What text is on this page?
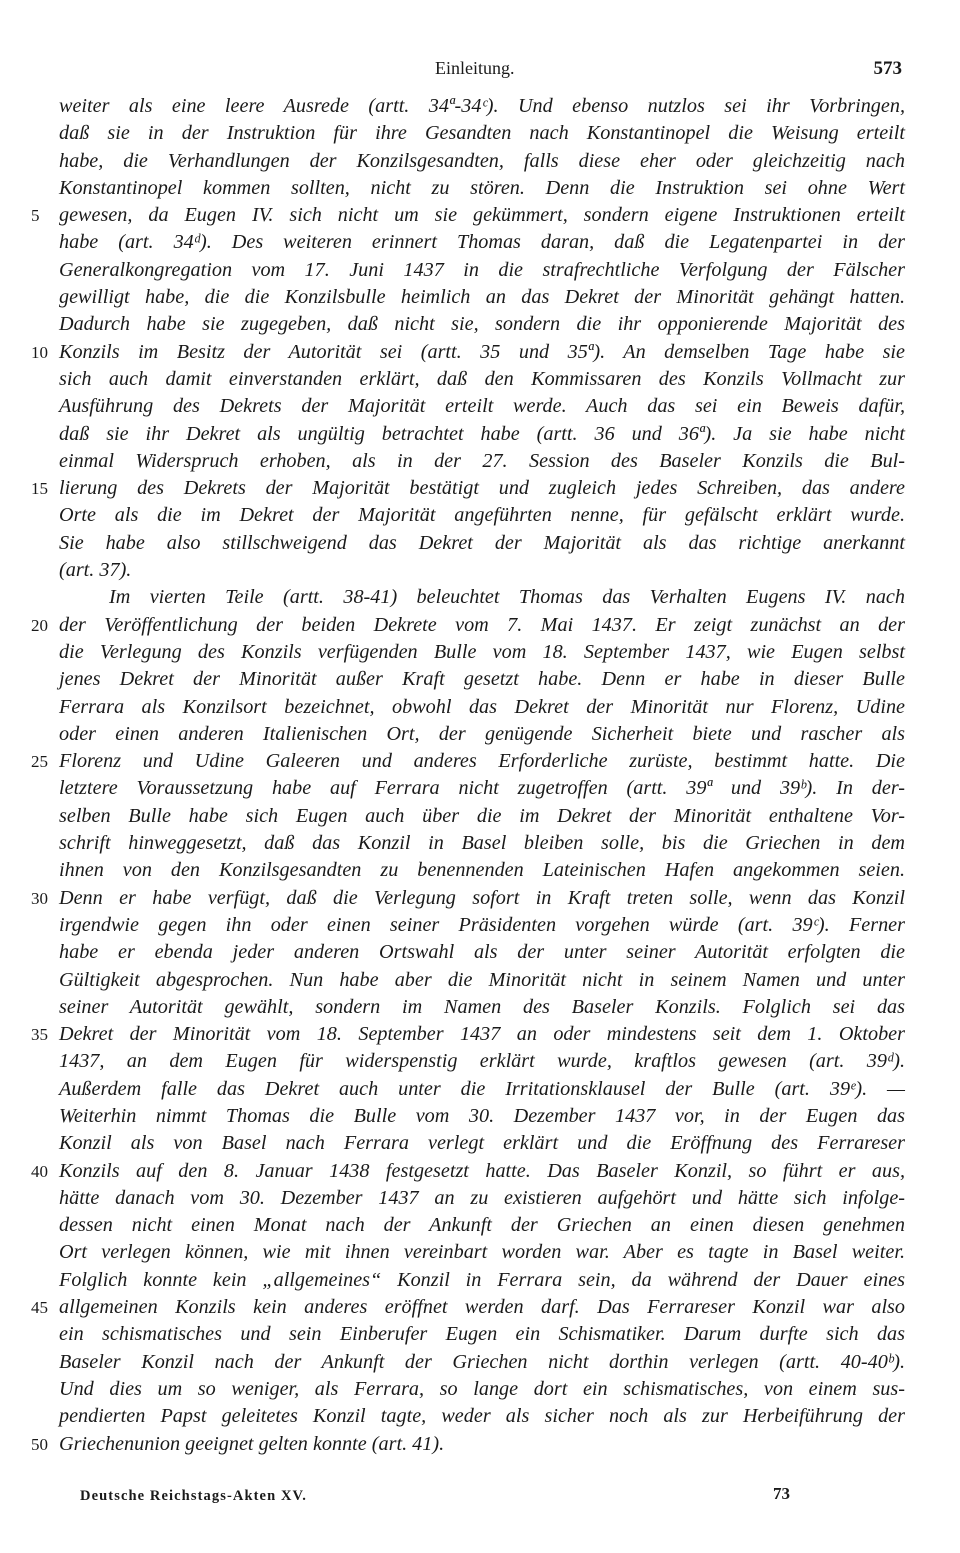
Einleitung.	573
weiter als eine leere Ausrede (artt. 34ª-34ᶜ). Und ebenso nutzlos sei ihr Vorbringen,
daß sie in der Instruktion für ihre Gesandten nach Konstantinopel die Weisung erteilt
habe, die Verhandlungen der Konzilsgesandten, falls diese eher oder gleichzeitig nach
Konstantinopel kommen sollten, nicht zu stören. Denn die Instruktion sei ohne Wert
5 gewesen, da Eugen IV. sich nicht um sie gekümmert, sondern eigene Instruktionen erteilt
habe (art. 34ᵈ). Des weiteren erinnert Thomas daran, daß die Legatenpartei in der
Generalkongregation vom 17. Juni 1437 in die strafrechtliche Verfolgung der Fälscher
gewilligt habe, die die Konzilsbulle heimlich an das Dekret der Minorität gehängt hatten.
Dadurch habe sie zugegeben, daß nicht sie, sondern die ihr opponierende Majorität des
10 Konzils im Besitz der Autorität sei (artt. 35 und 35ª). An demselben Tage habe sie
sich auch damit einverstanden erklärt, daß den Kommissaren des Konzils Vollmacht zur
Ausführung des Dekrets der Majorität erteilt werde. Auch das sei ein Beweis dafür,
daß sie ihr Dekret als ungültig betrachtet habe (artt. 36 und 36ª). Ja sie habe nicht
einmal Widerspruch erhoben, als in der 27. Session des Baseler Konzils die Bul-
15 lierung des Dekrets der Majorität bestätigt und zugleich jedes Schreiben, das andere
Orte als die im Dekret der Majorität angeführten nenne, für gefälscht erklärt wurde.
Sie habe also stillschweigend das Dekret der Majorität als das richtige anerkannt
(art. 37).
Im vierten Teile (artt. 38-41) beleuchtet Thomas das Verhalten Eugens IV. nach
20 der Veröffentlichung der beiden Dekrete vom 7. Mai 1437. Er zeigt zunächst an der
die Verlegung des Konzils verfügenden Bulle vom 18. September 1437, wie Eugen selbst
jenes Dekret der Minorität außer Kraft gesetzt habe. Denn er habe in dieser Bulle
Ferrara als Konzilsort bezeichnet, obwohl das Dekret der Minorität nur Florenz, Udine
oder einen anderen Italienischen Ort, der genügende Sicherheit biete und rascher als
25 Florenz und Udine Galeeren und anderes Erforderliche zurüste, bestimmt hatte. Die
letztere Voraussetzung habe auf Ferrara nicht zugetroffen (artt. 39ª und 39ᵇ). In der-
selben Bulle habe sich Eugen auch über die im Dekret der Minorität enthaltene Vor-
schrift hinweggesetzt, daß das Konzil in Basel bleiben solle, bis die Griechen in dem
ihnen von den Konzilsgesandten zu benennenden Lateinischen Hafen angekommen seien.
30 Denn er habe verfügt, daß die Verlegung sofort in Kraft treten solle, wenn das Konzil
irgendwie gegen ihn oder einen seiner Präsidenten vorgehen würde (art. 39ᶜ). Ferner
habe er ebenda jeder anderen Ortswahl als der unter seiner Autorität erfolgten die
Gültigkeit abgesprochen. Nun habe aber die Minorität nicht in seinem Namen und unter
seiner Autorität gewählt, sondern im Namen des Baseler Konzils. Folglich sei das
35 Dekret der Minorität vom 18. September 1437 an oder mindestens seit dem 1. Oktober
1437, an dem Eugen für widerspenstig erklärt wurde, kraftlos gewesen (art. 39ᵈ).
Außerdem falle das Dekret auch unter die Irritationsklausel der Bulle (art. 39ᵉ). —
Weiterhin nimmt Thomas die Bulle vom 30. Dezember 1437 vor, in der Eugen das
Konzil als von Basel nach Ferrara verlegt erklärt und die Eröffnung des Ferrareser
40 Konzils auf den 8. Januar 1438 festgesetzt hatte. Das Baseler Konzil, so führt er aus,
hätte danach vom 30. Dezember 1437 an zu existieren aufgehört und hätte sich infolge-
dessen nicht einen Monat nach der Ankunft der Griechen an einen diesen genehmen
Ort verlegen können, wie mit ihnen vereinbart worden war. Aber es tagte in Basel weiter.
Folglich konnte kein „allgemeines“ Konzil in Ferrara sein, da während der Dauer eines
45 allgemeinen Konzils kein anderes eröffnet werden darf. Das Ferrareser Konzil war also
ein schismatisches und sein Einberufer Eugen ein Schismatiker. Darum durfte sich das
Baseler Konzil nach der Ankunft der Griechen nicht dorthin verlegen (artt. 40-40ᵇ).
Und dies um so weniger, als Ferrara, so lange dort ein schismatisches, von einem sus-
pendierten Papst geleitetes Konzil tagte, weder als sicher noch als zur Herbeiführung der
50 Griechenunion geeignet gelten konnte (art. 41).
Deutsche Reichstags-Akten XV.	73
